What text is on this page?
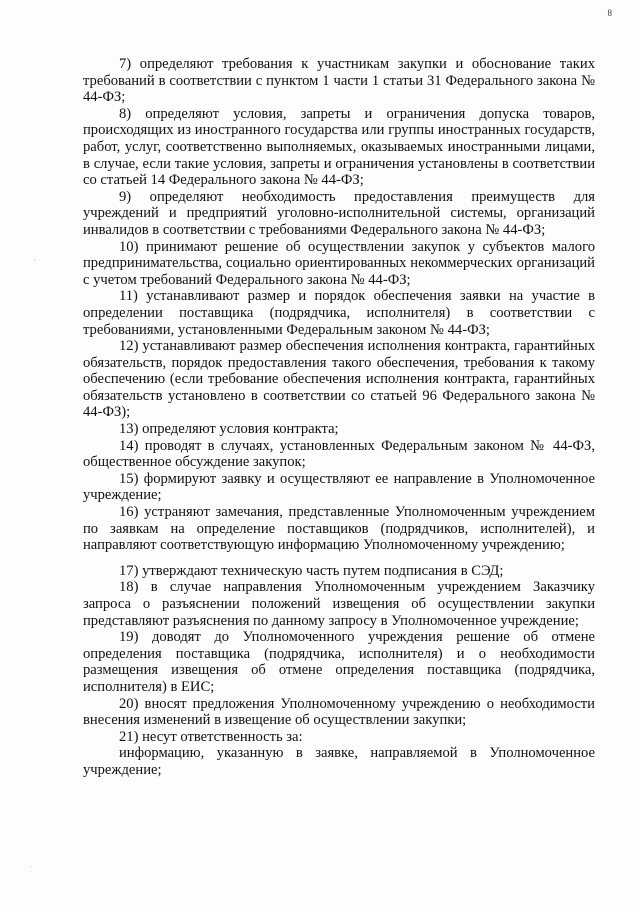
8

7) определяют требования к участникам закупки и обоснование таких требований в соответствии с пунктом 1 части 1 статьи 31 Федерального закона № 44-ФЗ;

8) определяют условия, запреты и ограничения допуска товаров, происходящих из иностранного государства или группы иностранных государств, работ, услуг, соответственно выполняемых, оказываемых иностранными лицами, в случае, если такие условия, запреты и ограничения установлены в соответствии со статьей 14 Федерального закона № 44-ФЗ;

9) определяют необходимость предоставления преимуществ для учреждений и предприятий уголовно-исполнительной системы, организаций инвалидов в соответствии с требованиями Федерального закона № 44-ФЗ;

10) принимают решение об осуществлении закупок у субъектов малого предпринимательства, социально ориентированных некоммерческих организаций с учетом требований Федерального закона № 44-ФЗ;

11) устанавливают размер и порядок обеспечения заявки на участие в определении поставщика (подрядчика, исполнителя) в соответствии с требованиями, установленными Федеральным законом № 44-ФЗ;

12) устанавливают размер обеспечения исполнения контракта, гарантийных обязательств, порядок предоставления такого обеспечения, требования к такому обеспечению (если требование обеспечения исполнения контракта, гарантийных обязательств установлено в соответствии со статьей 96 Федерального закона № 44-ФЗ);

13) определяют условия контракта;

14) проводят в случаях, установленных Федеральным законом № 44-ФЗ, общественное обсуждение закупок;

15) формируют заявку и осуществляют ее направление в Уполномоченное учреждение;

16) устраняют замечания, представленные Уполномоченным учреждением по заявкам на определение поставщиков (подрядчиков, исполнителей), и направляют соответствующую информацию Уполномоченному учреждению;

17) утверждают техническую часть путем подписания в СЭД;

18) в случае направления Уполномоченным учреждением Заказчику запроса о разъяснении положений извещения об осуществлении закупки представляют разъяснения по данному запросу в Уполномоченное учреждение;

19) доводят до Уполномоченного учреждения решение об отмене определения поставщика (подрядчика, исполнителя) и о необходимости размещения извещения об отмене определения поставщика (подрядчика, исполнителя) в ЕИС;

20) вносят предложения Уполномоченному учреждению о необходимости внесения изменений в извещение об осуществлении закупки;

21) несут ответственность за:

информацию, указанную в заявке, направляемой в Уполномоченное учреждение;
